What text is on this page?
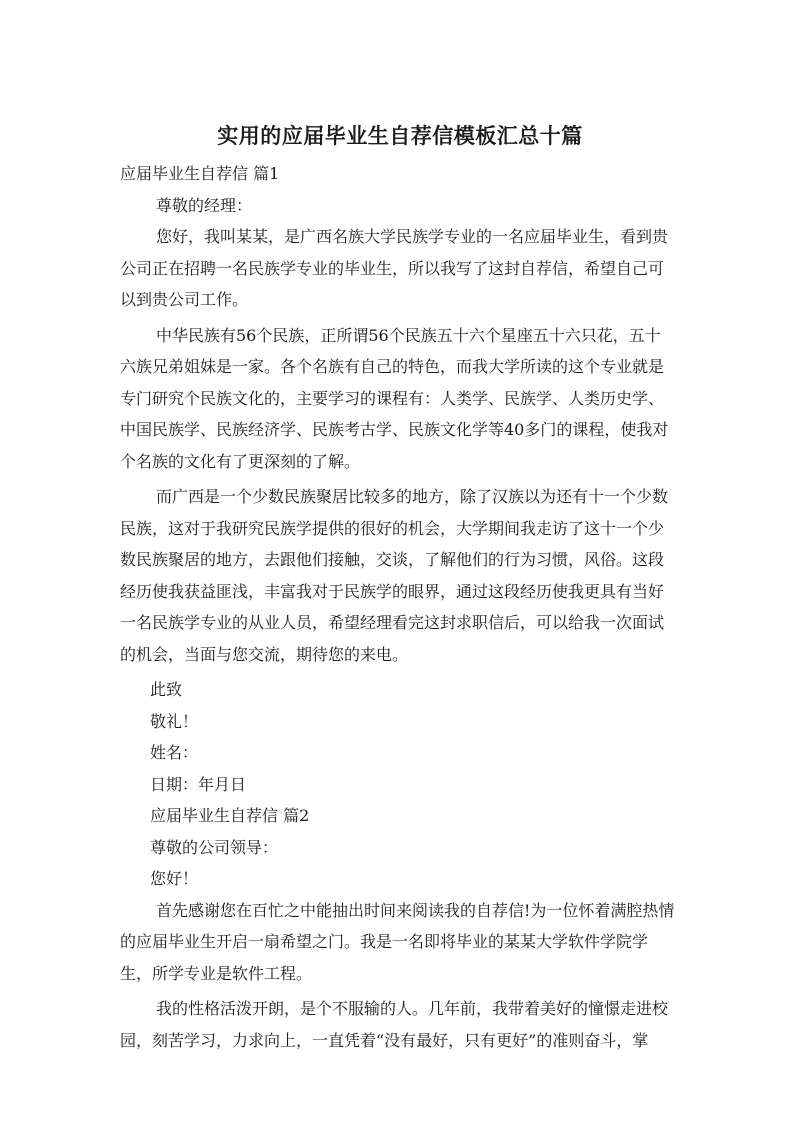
实用的应届毕业生自荐信模板汇总十篇
应届毕业生自荐信 篇1
尊敬的经理：
您好，我叫某某，是广西名族大学民族学专业的一名应届毕业生，看到贵
公司正在招聘一名民族学专业的毕业生，所以我写了这封自荐信，希望自己可
以到贵公司工作。
中华民族有56个民族，正所谓56个民族五十六个星座五十六只花，五十
六族兄弟姐妹是一家。各个名族有自己的特色，而我大学所读的这个专业就是
专门研究个民族文化的，主要学习的课程有：人类学、民族学、人类历史学、
中国民族学、民族经济学、民族考古学、民族文化学等40多门的课程，使我对
个名族的文化有了更深刻的了解。
而广西是一个少数民族聚居比较多的地方，除了汉族以为还有十一个少数
民族，这对于我研究民族学提供的很好的机会，大学期间我走访了这十一个少
数民族聚居的地方，去跟他们接触，交谈，了解他们的行为习惯，风俗。这段
经历使我获益匪浅，丰富我对于民族学的眼界，通过这段经历使我更具有当好
一名民族学专业的从业人员，希望经理看完这封求职信后，可以给我一次面试
的机会，当面与您交流，期待您的来电。
此致
敬礼！
姓名：
日期：年月日
应届毕业生自荐信 篇2
尊敬的公司领导：
您好！
首先感谢您在百忙之中能抽出时间来阅读我的自荐信!为一位怀着满腔热情
的应届毕业生开启一扇希望之门。我是一名即将毕业的某某大学软件学院学
生，所学专业是软件工程。
我的性格活泼开朗，是个不服输的人。几年前，我带着美好的憧憬走进校
园，刻苦学习，力求向上，一直凭着“没有最好，只有更好”的准则奋斗，掌
